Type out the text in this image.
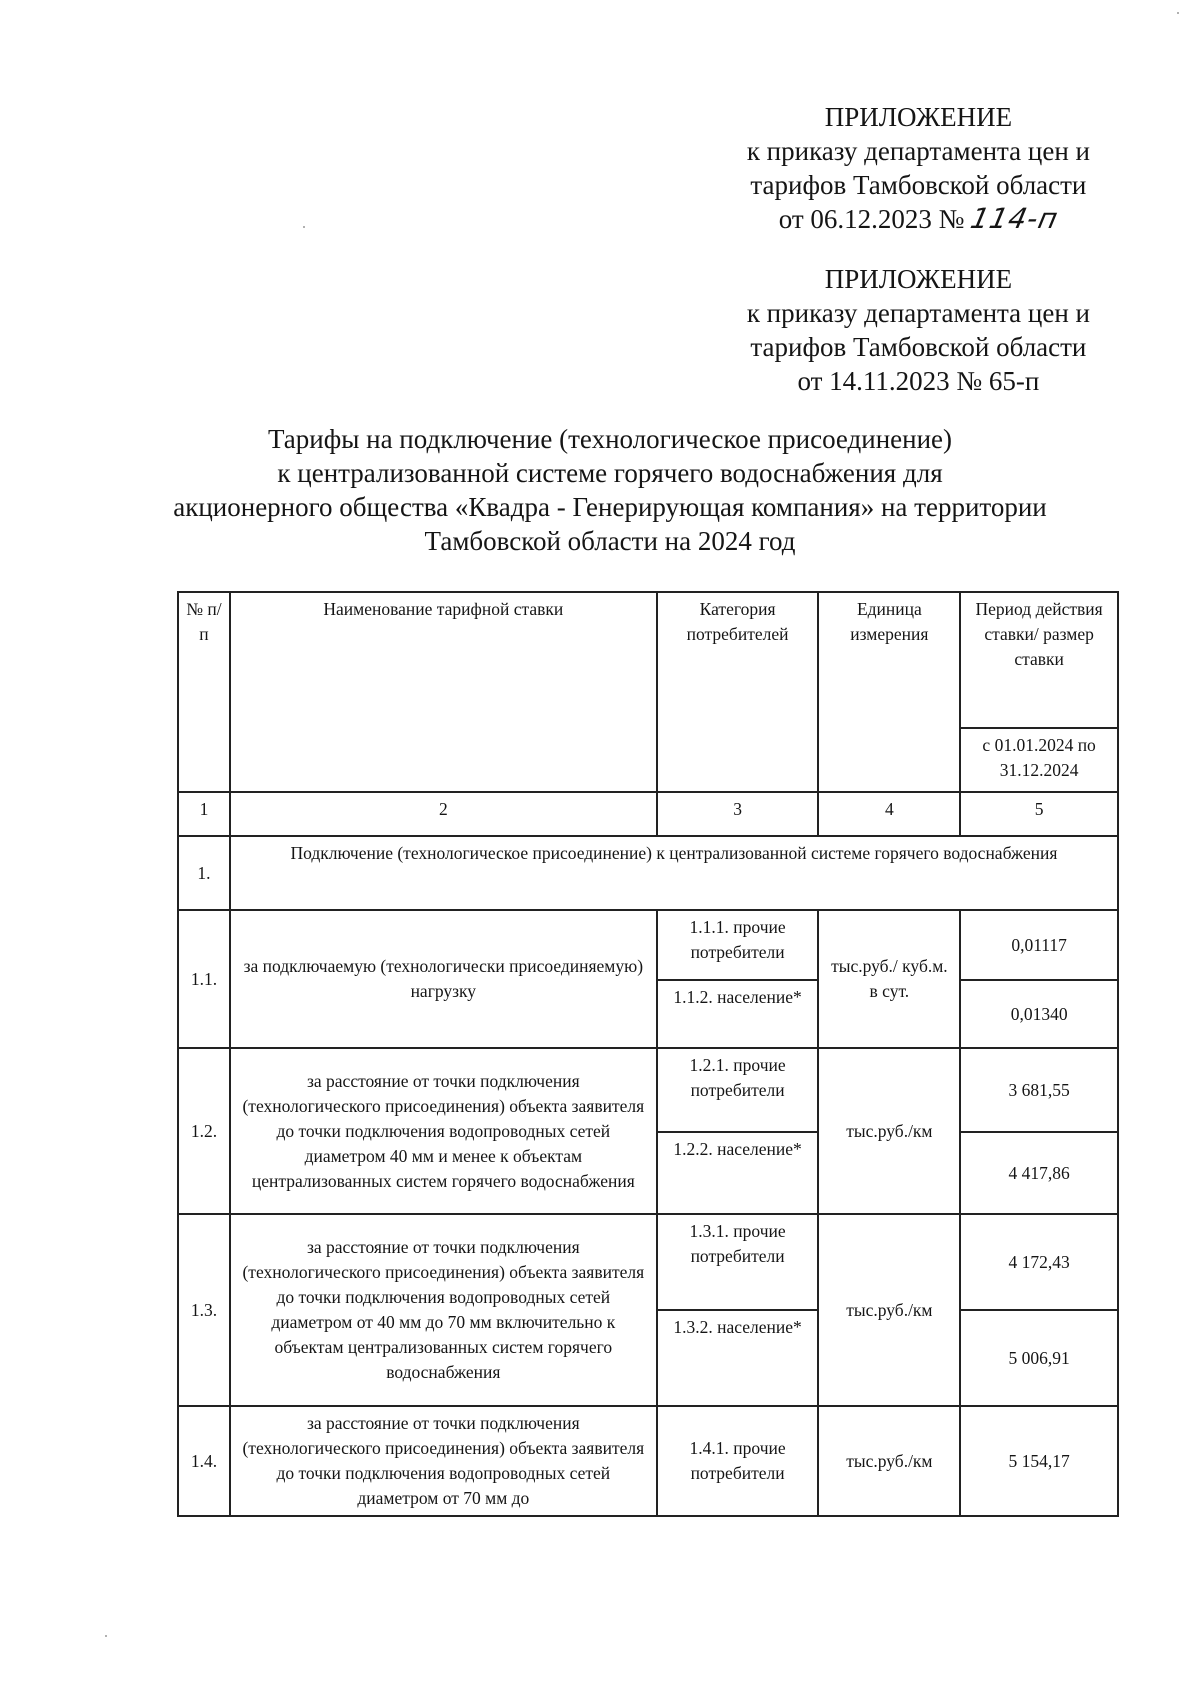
ПРИЛОЖЕНИЕ
к приказу департамента цен и
тарифов Тамбовской области
от 06.12.2023 № 114-п
ПРИЛОЖЕНИЕ
к приказу департамента цен и
тарифов Тамбовской области
от 14.11.2023 № 65-п
Тарифы на подключение (технологическое присоединение)
к централизованной системе горячего водоснабжения для
акционерного общества «Квадра - Генерирующая компания» на территории
Тамбовской области на 2024 год
№ п/п	Наименование тарифной ставки	Категория потребителей	Единица измерения	Период действия ставки/ размер ставки
				с 01.01.2024 по 31.12.2024
1	2	3	4	5
1.	Подключение (технологическое присоединение) к централизованной системе горячего водоснабжения			
1.1.	за подключаемую (технологически присоединяемую) нагрузку	1.1.1. прочие потребители	тыс.руб./ куб.м. в сут.	0,01117
		1.1.2. население*		0,01340
1.2.	за расстояние от точки подключения (технологического присоединения) объекта заявителя до точки подключения водопроводных сетей диаметром 40 мм и менее к объектам централизованных систем горячего водоснабжения	1.2.1. прочие потребители	тыс.руб./км	3 681,55
		1.2.2. население*		4 417,86
1.3.	за расстояние от точки подключения (технологического присоединения) объекта заявителя до точки подключения водопроводных сетей диаметром от 40 мм до 70 мм включительно к объектам централизованных систем горячего водоснабжения	1.3.1. прочие потребители	тыс.руб./км	4 172,43
		1.3.2. население*		5 006,91
1.4.	за расстояние от точки подключения (технологического присоединения) объекта заявителя до точки подключения водопроводных сетей диаметром от 70 мм до	1.4.1. прочие потребители	тыс.руб./км	5 154,17
